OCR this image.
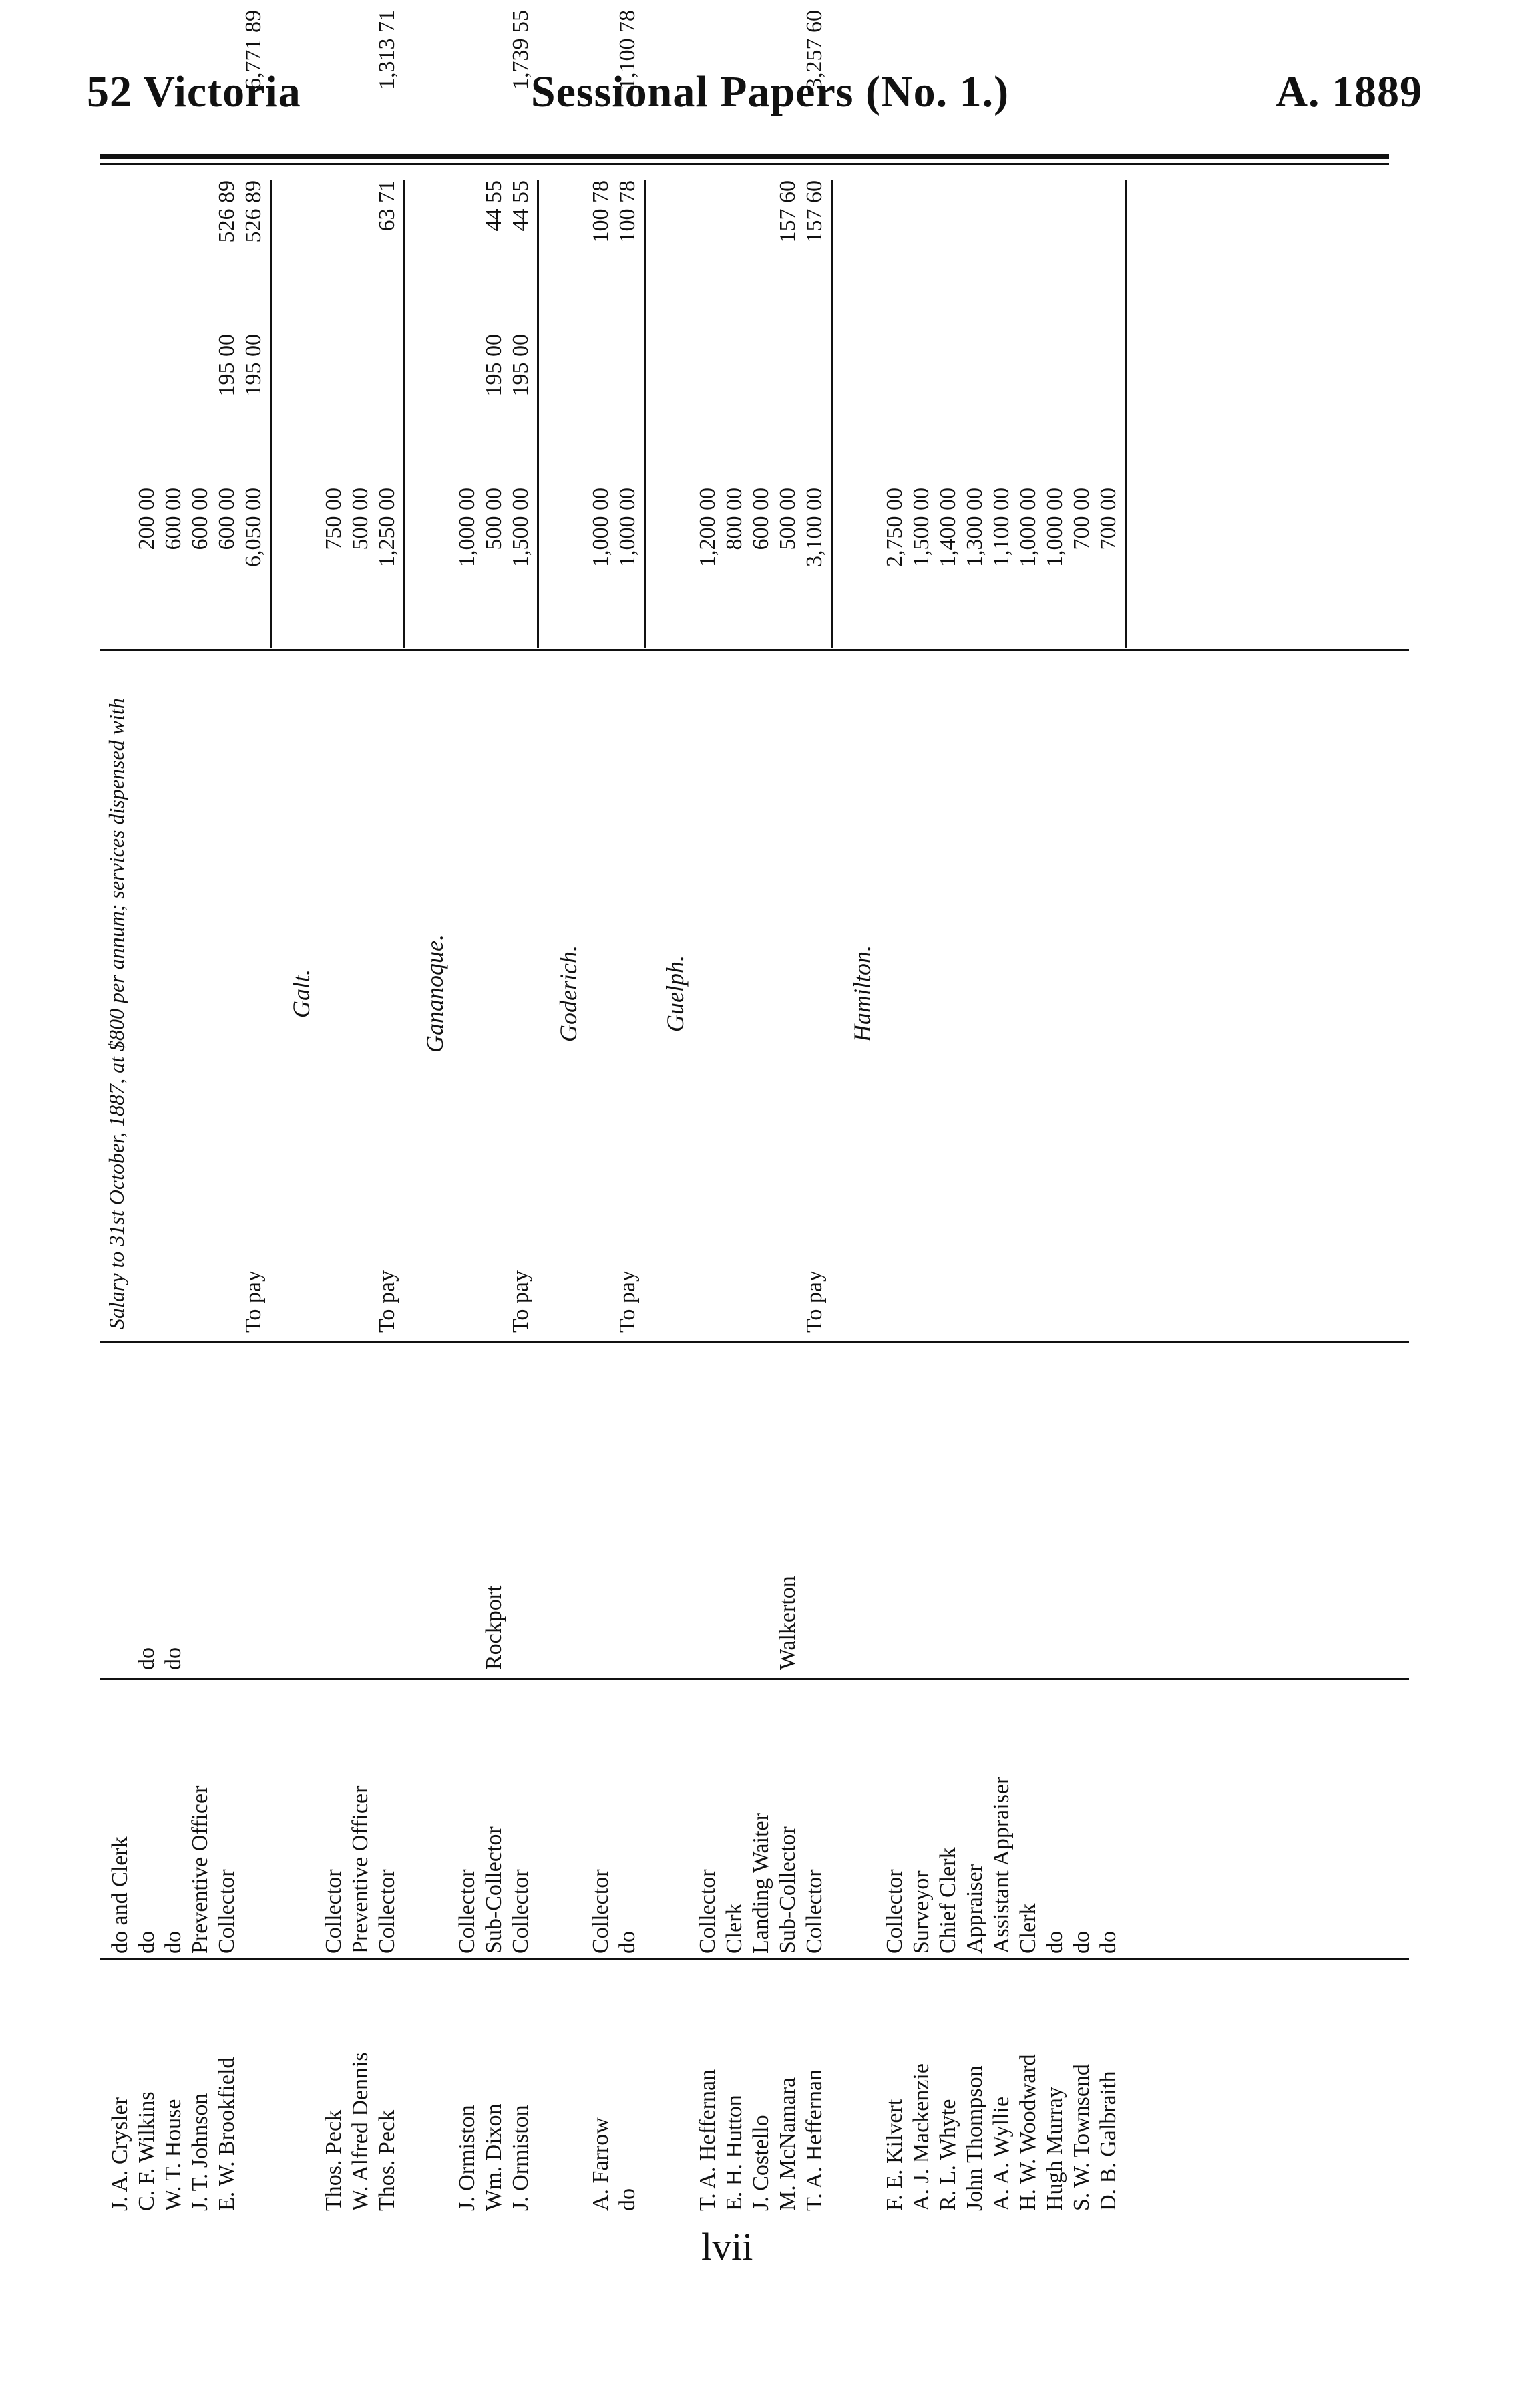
52 Victoria	Sessional Papers (No. 1.)	A. 1889
Salary to 31st October, 1887, at $800 per annum; services dispensed with
J. A. Crysler
do and Clerk
C. F. Wilkins
do
do
200 00
W. T. House
do
do
600 00
J. T. Johnson
Preventive Officer
600 00
E. W. Brookfield
Collector
600 00
195 00
526 89
To pay
6,050 00
195 00
526 89
6,771 89
Galt.
Thos. Peck
Collector
750 00
W. Alfred Dennis
Preventive Officer
500 00
Thos. Peck
Collector
To pay
1,250 00
63 71
1,313 71
Gananoque.
J. Ormiston
Collector
1,000 00
Wm. Dixon
Sub-Collector
Rockport
500 00
195 00
44 55
J. Ormiston
Collector
To pay
1,500 00
195 00
44 55
1,739 55
Goderich.
A. Farrow
Collector
1,000 00
100 78
do
do
To pay
1,000 00
100 78
1,100 78
Guelph.
T. A. Heffernan
Collector
1,200 00
E. H. Hutton
Clerk
800 00
J. Costello
Landing Waiter
600 00
M. McNamara
Sub-Collector
Walkerton
500 00
157 60
T. A. Heffernan
Collector
To pay
3,100 00
157 60
3,257 60
Hamilton.
F. E. Kilvert
Collector
2,750 00
A. J. Mackenzie
Surveyor
1,500 00
R. L. Whyte
Chief Clerk
1,400 00
John Thompson
Appraiser
1,300 00
A. A. Wyllie
Assistant Appraiser
1,100 00
H. W. Woodward
Clerk
1,000 00
Hugh Murray
do
1,000 00
S. W. Townsend
do
700 00
D. B. Galbraith
do
700 00
lvii
